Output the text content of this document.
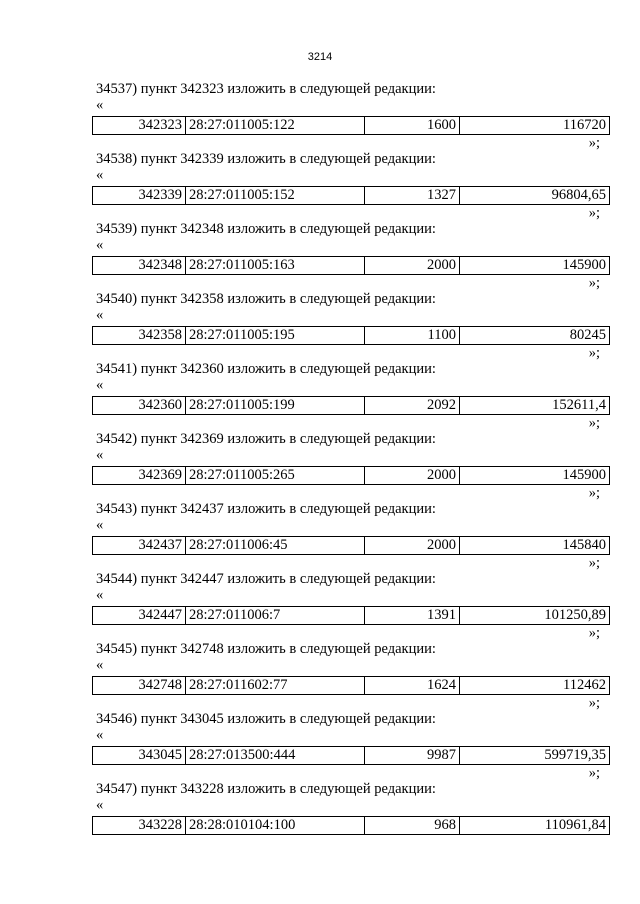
3214
34537) пункт 342323 изложить в следующей редакции:
«
342323	28:27:011005:122	1600	116720
»;
34538) пункт 342339 изложить в следующей редакции:
«
342339	28:27:011005:152	1327	96804,65
»;
34539) пункт 342348 изложить в следующей редакции:
«
342348	28:27:011005:163	2000	145900
»;
34540) пункт 342358 изложить в следующей редакции:
«
342358	28:27:011005:195	1100	80245
»;
34541) пункт 342360 изложить в следующей редакции:
«
342360	28:27:011005:199	2092	152611,4
»;
34542) пункт 342369 изложить в следующей редакции:
«
342369	28:27:011005:265	2000	145900
»;
34543) пункт 342437 изложить в следующей редакции:
«
342437	28:27:011006:45	2000	145840
»;
34544) пункт 342447 изложить в следующей редакции:
«
342447	28:27:011006:7	1391	101250,89
»;
34545) пункт 342748 изложить в следующей редакции:
«
342748	28:27:011602:77	1624	112462
»;
34546) пункт 343045 изложить в следующей редакции:
«
343045	28:27:013500:444	9987	599719,35
»;
34547) пункт 343228 изложить в следующей редакции:
«
343228	28:28:010104:100	968	110961,84
